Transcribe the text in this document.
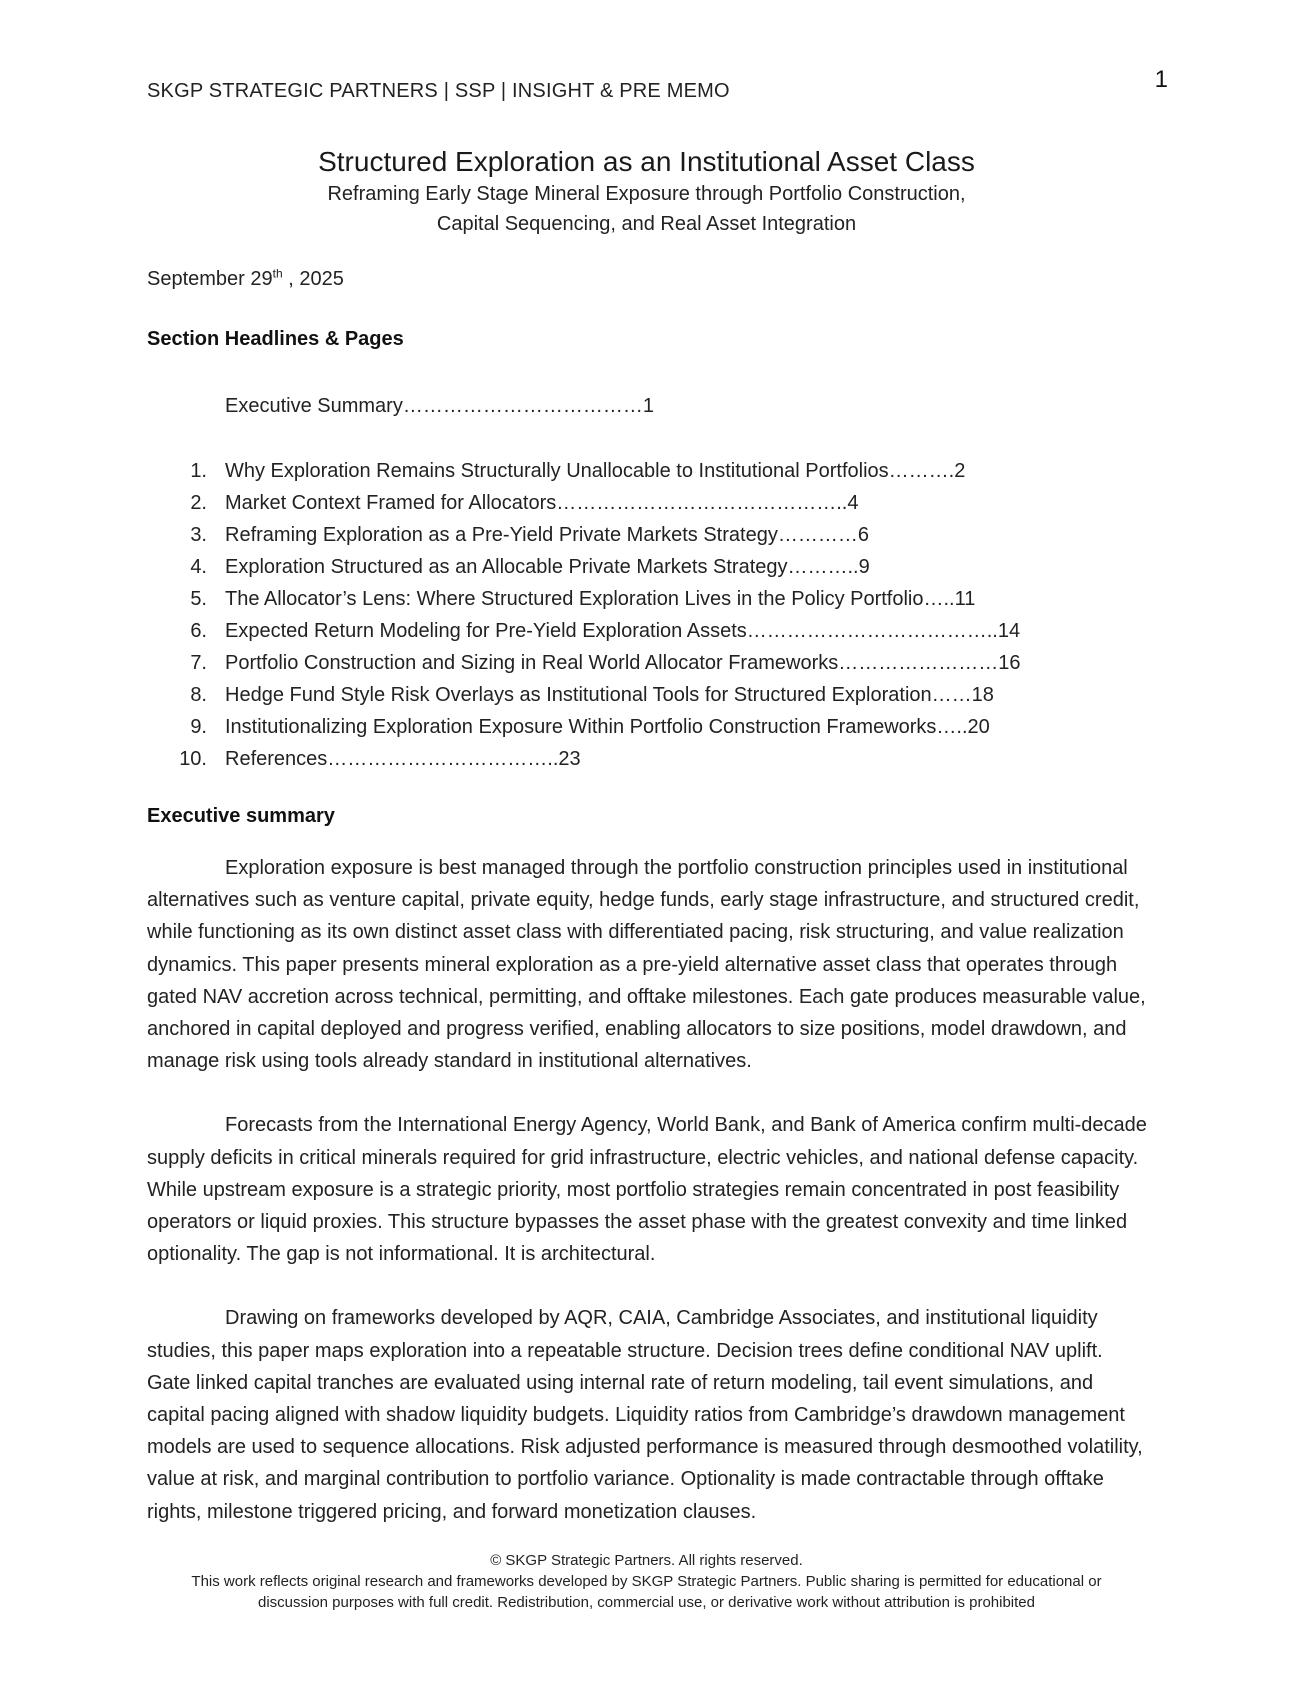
SKGP STRATEGIC PARTNERS | SSP | INSIGHT & PRE MEMO	1
Structured Exploration as an Institutional Asset Class
Reframing Early Stage Mineral Exposure through Portfolio Construction,
Capital Sequencing, and Real Asset Integration
September 29th , 2025
Section Headlines & Pages
Executive Summary………………………………1
1. Why Exploration Remains Structurally Unallocable to Institutional Portfolios……….2
2. Market Context Framed for Allocators……………………………………..4
3. Reframing Exploration as a Pre-Yield Private Markets Strategy…………6
4. Exploration Structured as an Allocable Private Markets Strategy………..9
5. The Allocator’s Lens: Where Structured Exploration Lives in the Policy Portfolio…..11
6. Expected Return Modeling for Pre-Yield Exploration Assets………………………………..14
7. Portfolio Construction and Sizing in Real World Allocator Frameworks……………………16
8. Hedge Fund Style Risk Overlays as Institutional Tools for Structured Exploration……18
9. Institutionalizing Exploration Exposure Within Portfolio Construction Frameworks…..20
10. References……………………………..23
Executive summary

Exploration exposure is best managed through the portfolio construction principles used in institutional alternatives such as venture capital, private equity, hedge funds, early stage infrastructure, and structured credit, while functioning as its own distinct asset class with differentiated pacing, risk structuring, and value realization dynamics. This paper presents mineral exploration as a pre-yield alternative asset class that operates through gated NAV accretion across technical, permitting, and offtake milestones. Each gate produces measurable value, anchored in capital deployed and progress verified, enabling allocators to size positions, model drawdown, and manage risk using tools already standard in institutional alternatives.

Forecasts from the International Energy Agency, World Bank, and Bank of America confirm multi-decade supply deficits in critical minerals required for grid infrastructure, electric vehicles, and national defense capacity. While upstream exposure is a strategic priority, most portfolio strategies remain concentrated in post feasibility operators or liquid proxies. This structure bypasses the asset phase with the greatest convexity and time linked optionality. The gap is not informational. It is architectural.

Drawing on frameworks developed by AQR, CAIA, Cambridge Associates, and institutional liquidity studies, this paper maps exploration into a repeatable structure. Decision trees define conditional NAV uplift. Gate linked capital tranches are evaluated using internal rate of return modeling, tail event simulations, and capital pacing aligned with shadow liquidity budgets. Liquidity ratios from Cambridge’s drawdown management models are used to sequence allocations. Risk adjusted performance is measured through desmoothed volatility, value at risk, and marginal contribution to portfolio variance. Optionality is made contractable through offtake rights, milestone triggered pricing, and forward monetization clauses.

© SKGP Strategic Partners. All rights reserved.
This work reflects original research and frameworks developed by SKGP Strategic Partners. Public sharing is permitted for educational or
discussion purposes with full credit. Redistribution, commercial use, or derivative work without attribution is prohibited
